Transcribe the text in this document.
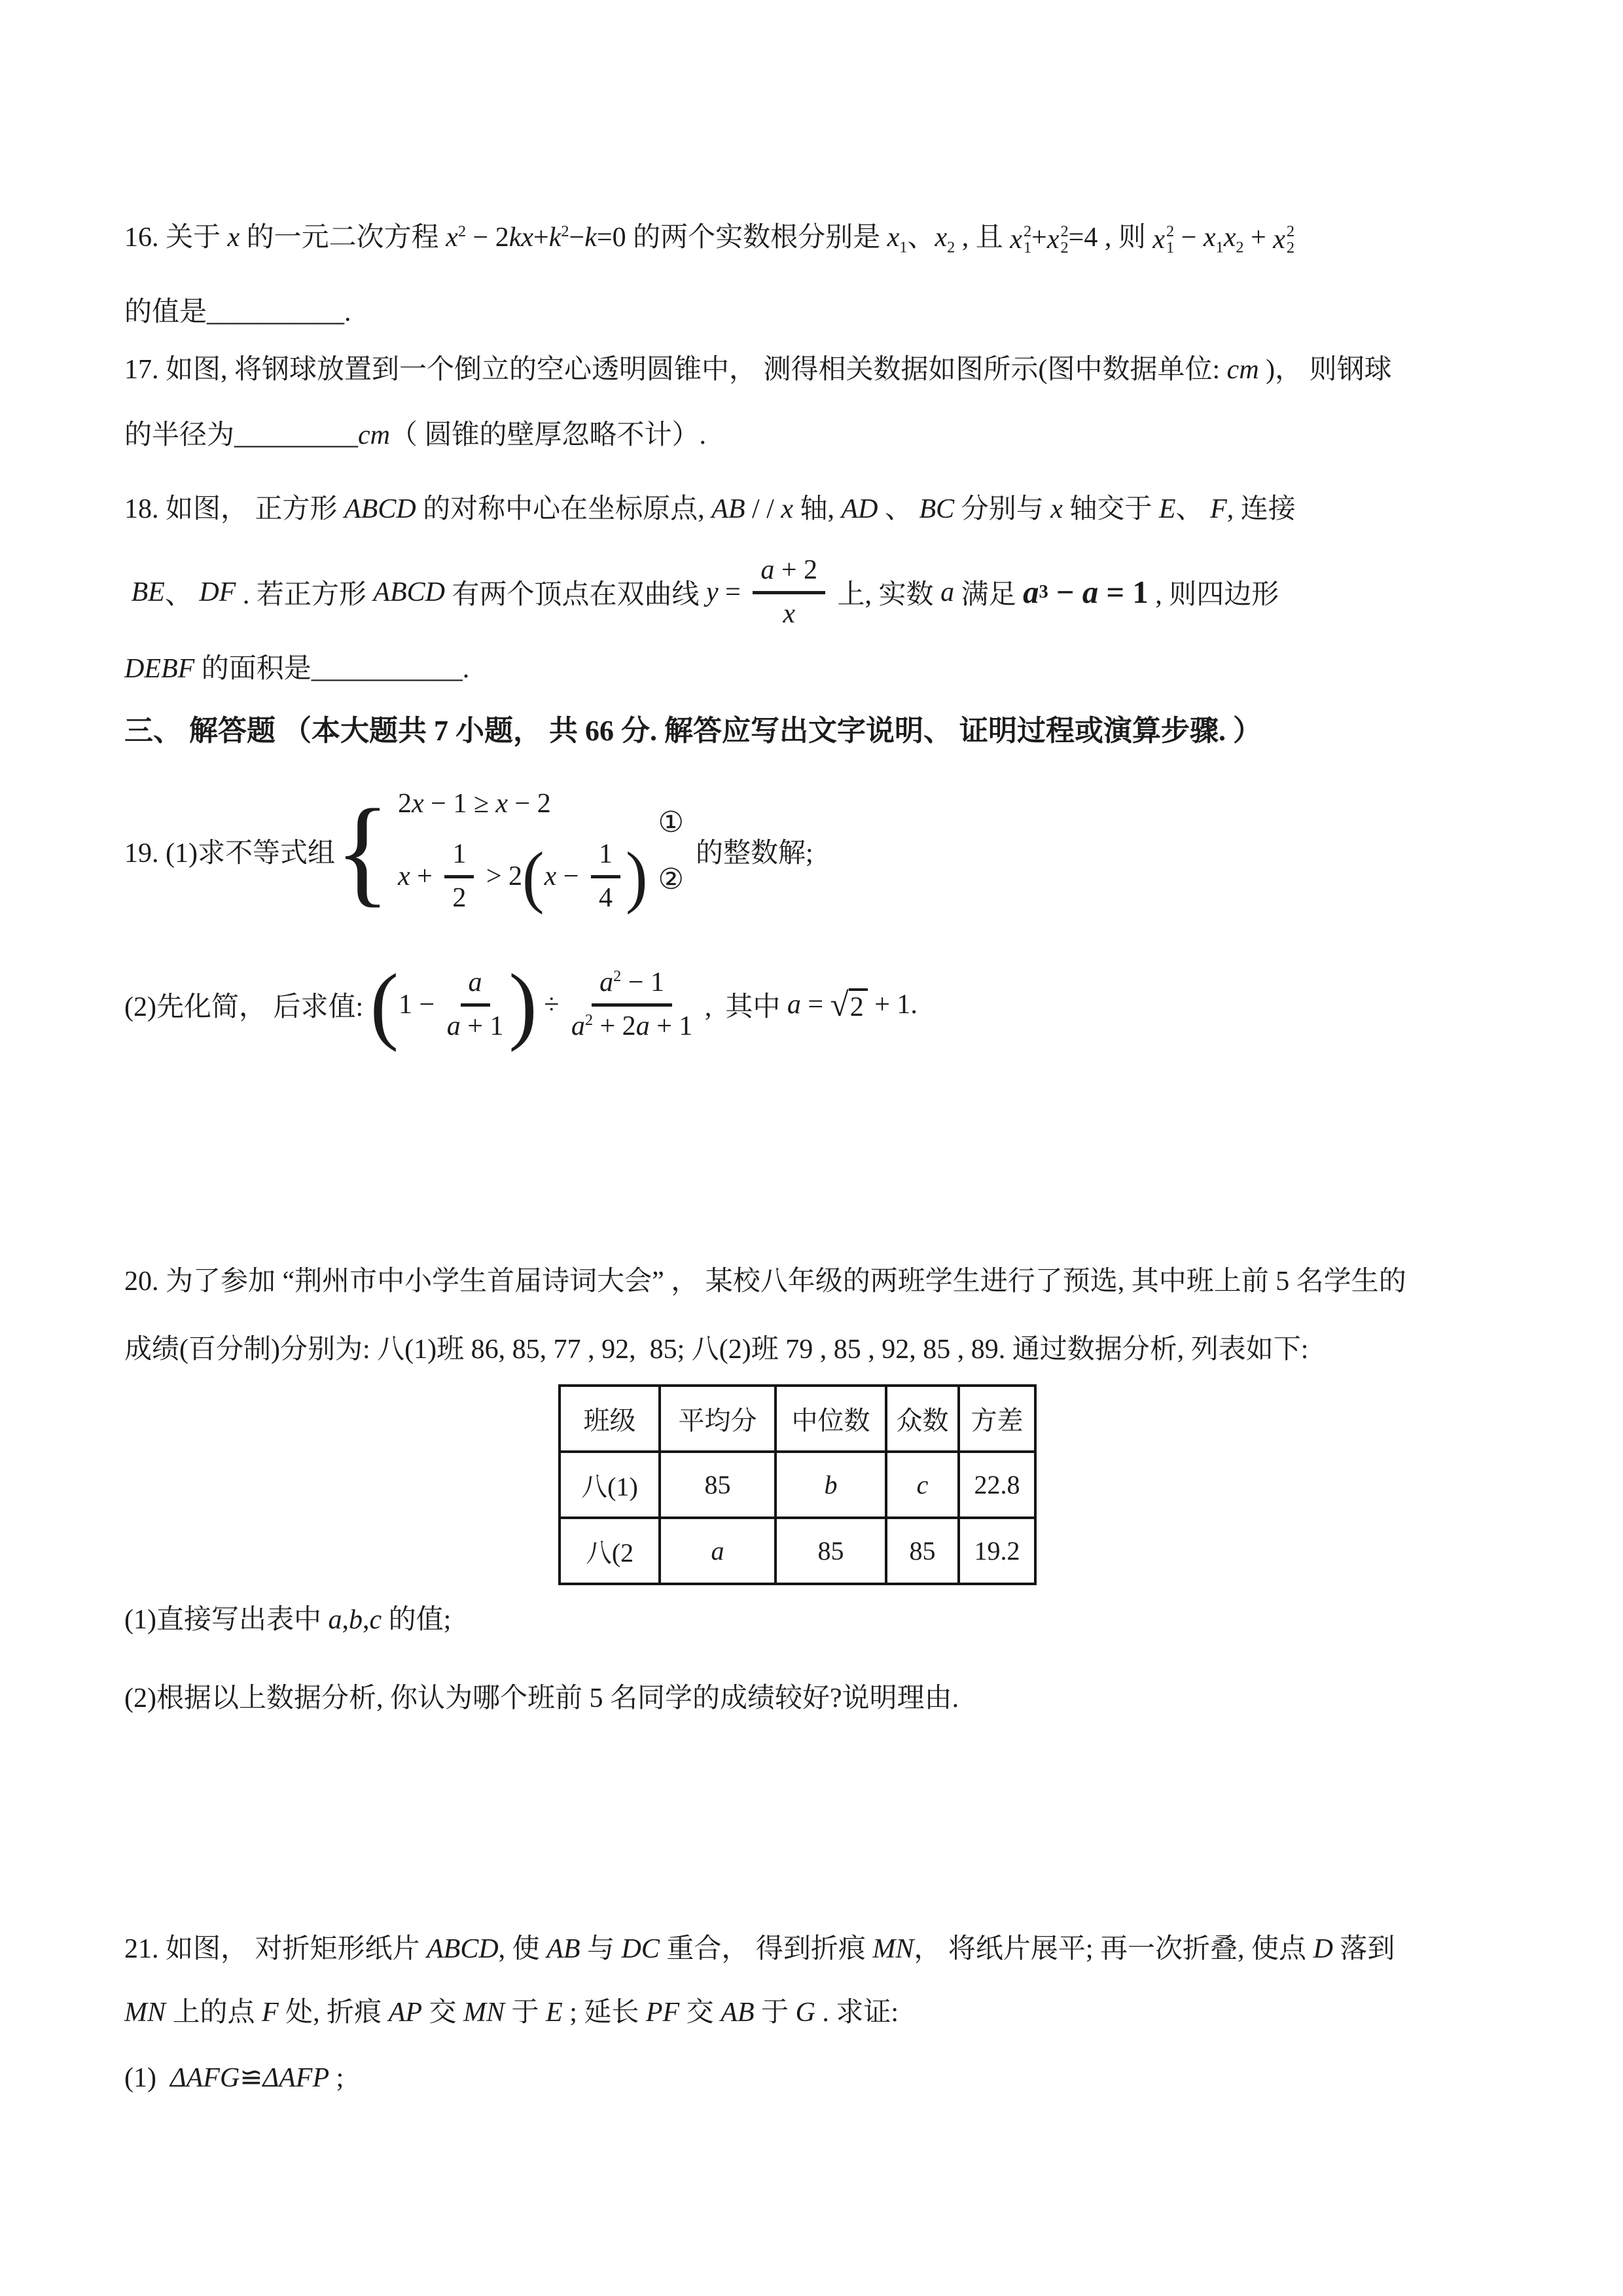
16. 关于 x 的一元二次方程 $x^2 - 2kx+k^2-k=0$ 的两个实数根分别是 $x_1$、$x_2$ , 且 x 2
1 + x 2
2 =4 , 则 x 2
$1 - x_1x_2 + x$ 2
2
的值是__________.
17. 如图, 将钢球放置到一个倒立的空心透明圆锥中， 测得相关数据如图所示(图中数据单位: cm )， 则钢球
的半径为_________cm（ 圆锥的壁厚忽略不计）.
18. 如图， 正方形 ABCD 的对称中心在坐标原点, AB / / x 轴, AD 、 BC 分别与 x 轴交于 E、 F, 连接

BE 、 DF . 若正方形 ABCD 有两个顶点在双曲线 $y = \frac{a + 2}{x}$ 上, 实数 a 满足 a 3 − a = 1 , 则四边形
DEBF 的面积是___________.
三、 解答题 （本大题共 7 小题， 共 66 分. 解答应写出文字说明、 证明过程或演算步骤. ）
19. (1)求不等式组 { 2 x − 1 ≥ x − 2
$x + \frac{1}{2} > 2$ ( $x - \frac{1}{4}$ )
①
②
的整数解;
(2)先化简， 后求值: ( $1 - \frac{a}{a + 1}$ ) ÷ $\frac{a^2 - 1}{a^2 + 2a + 1}$ ,  其中 a = √ 2 + 1.
20. 为了参加 “荆州市中小学生首届诗词大会” ， 某校八年级的两班学生进行了预选, 其中班上前 5 名学生的
成绩(百分制)分别为: 八(1)班 86, 85, 77 , 92,  85; 八(2)班 79 , 85 , 92, 85 , 89. 通过数据分析, 列表如下:
班级	平均分	中位数	众数	方差
八(1)	85	b	c	22.8
八(2	a	85	85	19.2
(1)直接写出表中 a,b,c 的值;
(2)根据以上数据分析, 你认为哪个班前 5 名同学的成绩较好?说明理由.
21. 如图， 对折矩形纸片 ABCD, 使 AB 与 DC 重合， 得到折痕 MN， 将纸片展平; 再一次折叠, 使点 D 落到
MN 上的点 F 处, 折痕 AP 交 MN 于 E ; 延长 PF 交 AB 于 G . 求证:
(1)  ΔAFG≌ΔAFP ;
